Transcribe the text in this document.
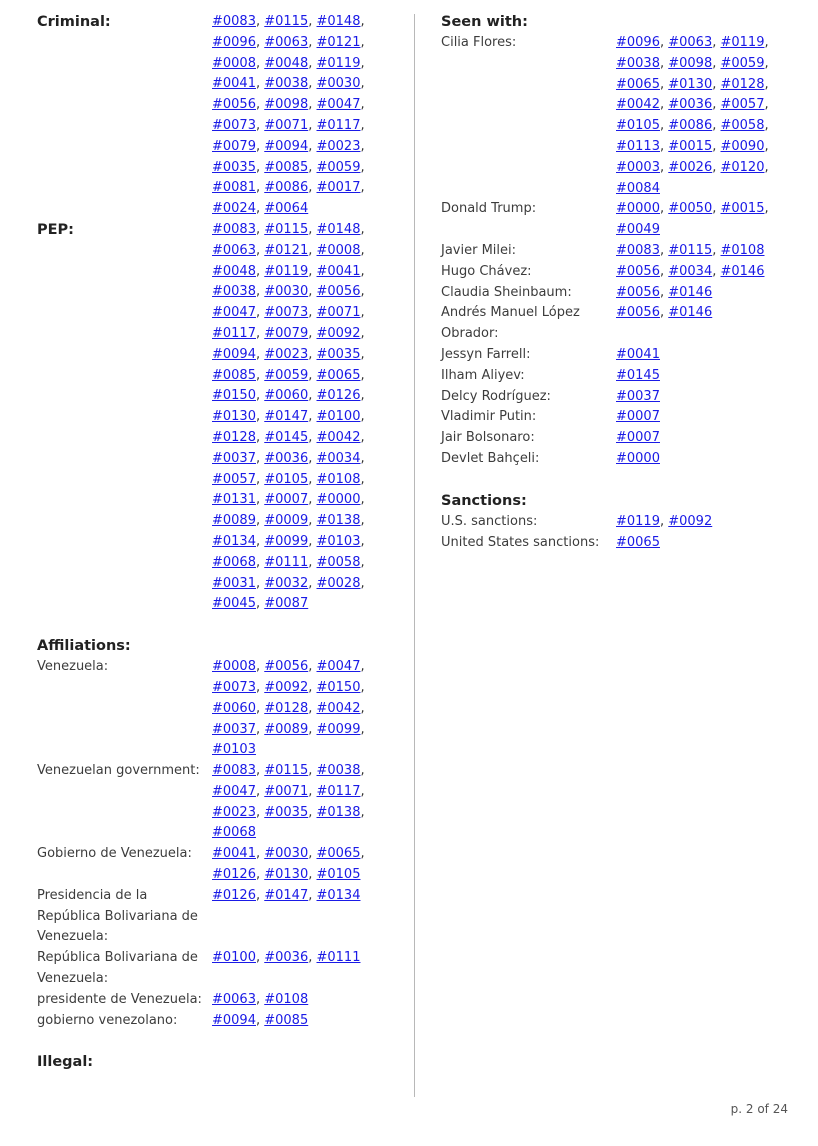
Criminal:	#0083, #0115, #0148, #0096, #0063, #0121, #0008, #0048, #0119, #0041, #0038, #0030, #0056, #0098, #0047, #0073, #0071, #0117, #0079, #0094, #0023, #0035, #0085, #0059, #0081, #0086, #0017, #0024, #0064
PEP:	#0083, #0115, #0148, #0063, #0121, #0008, #0048, #0119, #0041, #0038, #0030, #0056, #0047, #0073, #0071, #0117, #0079, #0092, #0094, #0023, #0035, #0085, #0059, #0065, #0150, #0060, #0126, #0130, #0147, #0100, #0128, #0145, #0042, #0037, #0036, #0034, #0057, #0105, #0108, #0131, #0007, #0000, #0089, #0009, #0138, #0134, #0099, #0103, #0068, #0111, #0058, #0031, #0032, #0028, #0045, #0087
Affiliations:
Venezuela:	#0008, #0056, #0047, #0073, #0092, #0150, #0060, #0128, #0042, #0037, #0089, #0099, #0103
Venezuelan government: #0083, #0115, #0038, #0047, #0071, #0117, #0023, #0035, #0138, #0068
Gobierno de Venezuela:	#0041, #0030, #0065, #0126, #0130, #0105
Presidencia de la República Bolivariana de Venezuela:
#0126, #0147, #0134
República Bolivariana de Venezuela:
#0100, #0036, #0111
presidente de Venezuela: #0063, #0108
gobierno venezolano:	#0094, #0085
Illegal:
Seen with:
Cilia Flores:	#0096, #0063, #0119, #0038, #0098, #0059, #0065, #0130, #0128, #0042, #0036, #0057, #0105, #0086, #0058, #0113, #0015, #0090, #0003, #0026, #0120, #0084
Donald Trump:	#0000, #0050, #0015, #0049
Javier Milei:	#0083, #0115, #0108
Hugo Chávez:	#0056, #0034, #0146
Claudia Sheinbaum:	#0056, #0146
Andrés Manuel López Obrador:
#0056, #0146
Jessyn Farrell:	#0041
Ilham Aliyev:	#0145
Delcy Rodríguez:	#0037
Vladimir Putin:	#0007
Jair Bolsonaro:	#0007
Devlet Bahçeli:	#0000
Sanctions:
U.S. sanctions:	#0119, #0092
United States sanctions:	#0065
p. 2 of 24
